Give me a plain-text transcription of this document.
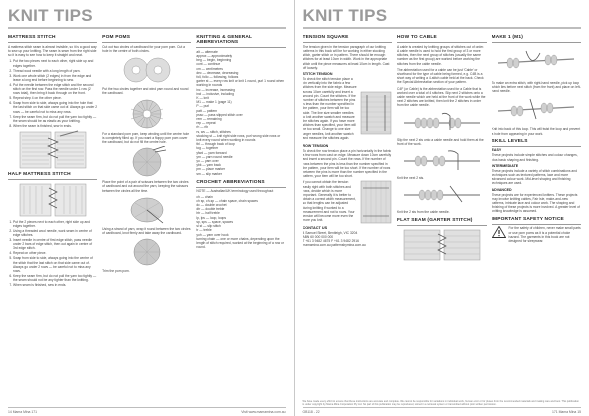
KNIT TIPS
MATTRESS STITCH

A mattress stitch seam is almost invisible, so it is a good way to sew up your knitting. The seam is sewn from the right side so it is easy to see how to keep it straight and neat.

1. Put the two pieces next to each other, right side up and edges together.
2. Thread wool needle with a long length of yarn.
3. Work one whole stitch (2 edges) in from the edge and leave a long end before beginning to sew.
4. Put the needle between the edge stitch and the second stitch on the first row. Pass the needle under 1 row (2 rows total), then bring it back through on the front.
5. Repeat step 4 on the other piece.
6. Swap from side to side, always going into the hole that the last stitch on that side came out of. Always go under 2 rows — be careful not to miss any rows.
7. Keep the seam firm, but do not pull the yarn too tightly — the seam should be as elastic as your knitting.
8. When the seam is finished, sew in ends.
HALF MATTRESS STITCH
1. Put the 2 pieces next to each other, right side up and edges together.
2. Using a threaded wool needle, work seam in centre of edge stitches.
3. Insert needle in centre of first edge stitch, pass needle under 2 bars of edge stitch, then out again in centre of 3rd edge stitch.
4. Repeat on other piece.
5. Swap from side to side, always going into the centre of the stitch that the last stitch on that side came out of. Always go under 2 rows — be careful not to miss any rows.
6. Keep the seam firm, but do not pull the yarn too tightly — the seam should not be any tighter than the knitting.
7. When seam is finished, sew in ends.
POM POMS

Cut out two circles of cardboard for your pom pom. Cut a hole in the centre of both circles.

Put the two circles together and wind yarn round and round the cardboard.

For a standard pom pom, keep winding until the centre hole is completely filled up. If you want a floppy pom pom cover the cardboard, but do not fill the centre hole.

Place the point of a pair of scissors between the two circles of cardboard and cut around the yarn, keeping the scissors between the circles all the time.

Using a strand of yarn, wrap it round between the two circles of cardboard, knot firmly and take away the cardboard.

Trim the pom pom.

KNITTING & GENERAL ABBREVIATIONS

alt — alternate

approx — approximately

beg — begin, beginning

cont — continue

cm — centimetres

dec — decrease, decreasing

foll, follo — following, follows

garter st — every row knit or knit 1 round, purl 1 round when working in rounds

inc — increase, increasing

incl — inclusive, including

K — knit

M1 — make 1 (page 11)

P — purl

patt — pattern

psso — pass slipped stitch over

rem — remaining

rep — repeat

rh — rib

rs, ws — stitch, stitches

stocking st — knit right side rows, purl wrong side rows or knit every round when working in rounds

tbl — through back of loop

tog — together

yfwd — yarn forward

yrn — yarn round needle

yo — yarn over

ybk — yarn back

pm — place marker

sm — slip marker

CROCHET ABBREVIATIONS

NOTE — Australian/UK terminology used throughout

ch — chain

ch sp, ch-sp — chain space, chain spaces

dc — double crochet

dtr — double treble

htr — half treble

lp, lps — loop, loops

sp, sps — space, spaces

sl st — slip stitch

tr — treble

yoh — yarn over hook

turning chain — one or more chains, depending upon the length of stitch required, worked at the beginning of a row or round.

14 Mama Mina 171	Visit www.mamamina.com.au
KNIT TIPS
TENSION SQUARE

The tension given in the tension paragraph of our knitting patterns in this book will be for working in either stocking stitch, garter stitch or in pattern. There should be enough stitches for at least 10cm in width. Work in the appropriate stitch until the piece measures at least 10cm in length. Cast off loosely.

STITCH TENSION

To check the stitch tension place a pin vertically into the fabric a few stitches from the side edge. Measure across 10cm carefully and insert a second pin. Count the stitches. If the number of stitches between the pins is less than the number specified in the pattern, your item will be too wide. The line size smaller needles to knit another swatch and measure the stitches again. If you have more stitches than specified, your item will be too small. Change to one size larger needles, knit another swatch and measure the stitches again.

ROW TENSION

To check the row tension place a pin horizontally in the fabric a few rows from cast on edge. Measure down 10cm carefully and insert a second pin. Count the rows. If the number of rows between the pins is less than the number specified in the pattern, your item will be too short. If the number of rows between the pins is more than the number specified in the pattern, your item will be too short.

If you cannot obtain the tension easily right with both stitches and rows, decide which is more important. Generally it is better to obtain a correct width measurement, so that lengths can be adjusted during knitting if worked to a measurement and not to rows. Your tension will become more even the more you knit.

CONTACT US
4 Samuel Street, Bentleigh, VIC 3204
ABN 60 000 000 000
T +61 3 9482 4675 F +61 3 9482 2916
mamamina.com.au patternsbymina.com.au
HOW TO CABLE

A cable is created by knitting groups of stitches out of order. A cable needle is used to hold the first group of 3 or more stitches, then the next group of stitches (usually the same number as the first group) are worked before working the stitches from the cable needle.

The abbreviation used for a cable can be just 'Cable' or shorthand for the type of cable being formed, e.g. C4B is a short way of writing a 4-stitch cable held at the back. Check the Special Abbreviation section of your pattern.

C4F (or Cable) is the abbreviation used for a Cable that is worked over a total of 4 stitches. Slip next 2 stitches onto a cable needle which are held at the front of the work while the next 2 stitches are knitted, then knit the 2 stitches in order from the cable needle.

Slip the next 2 sts onto a cable needle and hold them at the front of the work.

Knit the next 2 sts.

Knit the 2 sts from the cable needle.

FLAT SEAM (GARTER STITCH)
MAKE 1 (M1)

To make an extra stitch, with right-hand needle, pick up loop which lies before next stitch (from the front) and place on left-hand needle.

Knit into back of this loop. This will twist the loop and prevent a hole from appearing in your work.

SKILL LEVELS
EASY

These projects include simple stitches and colour changes, plus basic shaping and finishing.

INTERMEDIATE

These projects include a variety of stitch combinations and techniques such as textured patterns, lace and more advanced colour work. Mid-level shaping and finishing techniques are used.

ADVANCED

These projects are for experienced knitters. These projects may involve knitting cables, Fair Isle, make-and-new patterns, intricate lace and colour work. The shaping and finishing of these projects is more involved. A greater level of knitting knowledge is assumed.

IMPORTANT SAFETY NOTICE

For the safety of children, never make small parts or use pom poms as it is a potential choke hazard. The garments in this book are not designed for sleepwear.

We have made every effort to ensure that these instructions are accurate and complete. We cannot be responsible for variations in individual work, human error or for pluses from the recommended materials and making care and best. This publication is under copyright by Mama Mina Corporation Pty Ltd. No part of this publication may be reproduced, stored in a retrieval system or transmitted without prior written permission.
GB118 - 22	171 Mama Mina 15
